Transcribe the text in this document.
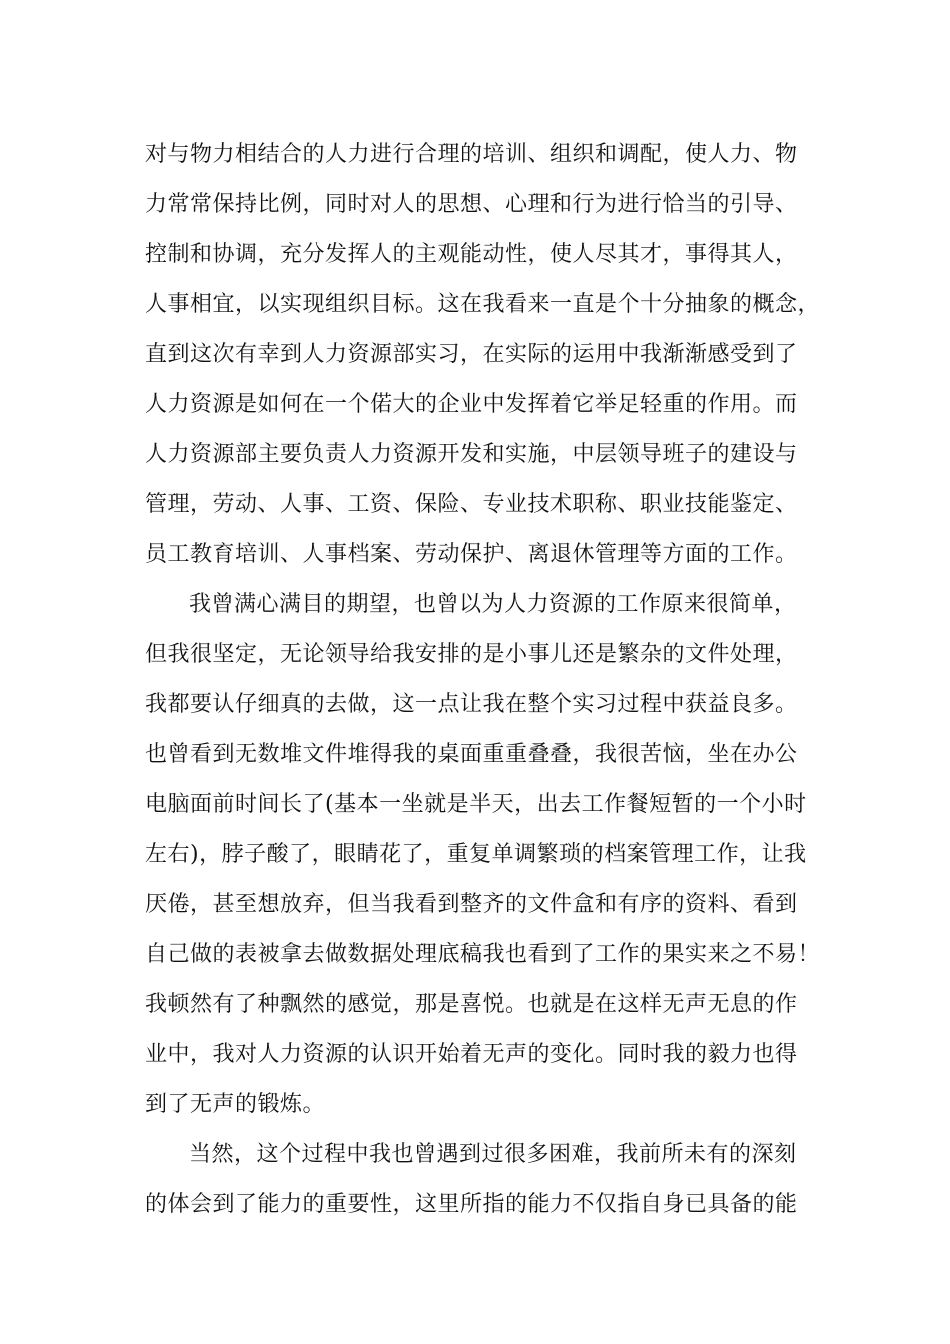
对与物力相结合的人力进行合理的培训、组织和调配，使人力、物
力常常保持比例，同时对人的思想、心理和行为进行恰当的引导、
控制和协调，充分发挥人的主观能动性，使人尽其才，事得其人，
人事相宜，以实现组织目标。这在我看来一直是个十分抽象的概念，
直到这次有幸到人力资源部实习，在实际的运用中我渐渐感受到了
人力资源是如何在一个偌大的企业中发挥着它举足轻重的作用。而
人力资源部主要负责人力资源开发和实施，中层领导班子的建设与
管理，劳动、人事、工资、保险、专业技术职称、职业技能鉴定、
员工教育培训、人事档案、劳动保护、离退休管理等方面的工作。
我曾满心满目的期望，也曾以为人力资源的工作原来很简单，
但我很坚定，无论领导给我安排的是小事儿还是繁杂的文件处理，
我都要认仔细真的去做，这一点让我在整个实习过程中获益良多。
也曾看到无数堆文件堆得我的桌面重重叠叠，我很苦恼，坐在办公
电脑面前时间长了(基本一坐就是半天，出去工作餐短暂的一个小时
左右)，脖子酸了，眼睛花了，重复单调繁琐的档案管理工作，让我
厌倦，甚至想放弃，但当我看到整齐的文件盒和有序的资料、看到
自己做的表被拿去做数据处理底稿我也看到了工作的果实来之不易！
我顿然有了种飘然的感觉，那是喜悦。也就是在这样无声无息的作
业中，我对人力资源的认识开始着无声的变化。同时我的毅力也得
到了无声的锻炼。
当然，这个过程中我也曾遇到过很多困难，我前所未有的深刻
的体会到了能力的重要性，这里所指的能力不仅指自身已具备的能
